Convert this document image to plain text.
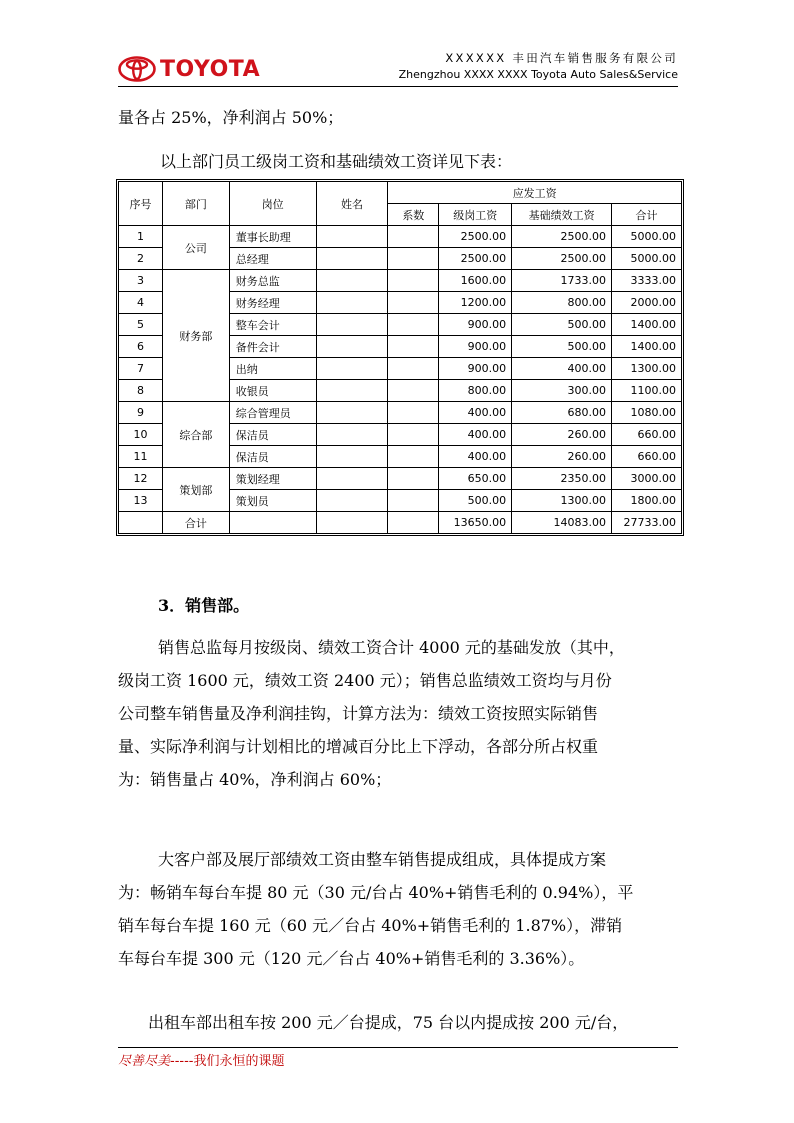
TOYOTA	XXXXXX 丰田汽车销售服务有限公司
Zhengzhou XXXX XXXX Toyota Auto Sales&Service
量各占 25%，净利润占 50%；
以上部门员工级岗工资和基础绩效工资详见下表：
序号	部门	岗位	姓名	应发工资			
				系数	级岗工资	基础绩效工资	合计
1	公司	董事长助理			2500.00	2500.00	5000.00
2		总经理			2500.00	2500.00	5000.00
3	财务部	财务总监			1600.00	1733.00	3333.00
4		财务经理			1200.00	800.00	2000.00
5		整车会计			900.00	500.00	1400.00
6		备件会计			900.00	500.00	1400.00
7		出纳			900.00	400.00	1300.00
8		收银员			800.00	300.00	1100.00
9	综合部	综合管理员			400.00	680.00	1080.00
10		保洁员			400.00	260.00	660.00
11		保洁员			400.00	260.00	660.00
12	策划部	策划经理			650.00	2350.00	3000.00
13		策划员			500.00	1300.00	1800.00
	合计				13650.00	14083.00	27733.00
3．销售部。
销售总监每月按级岗、绩效工资合计 4000 元的基础发放（其中，
级岗工资 1600 元，绩效工资 2400 元）；销售总监绩效工资均与月份
公司整车销售量及净利润挂钩，计算方法为：绩效工资按照实际销售
量、实际净利润与计划相比的增减百分比上下浮动，各部分所占权重
为：销售量占 40%，净利润占 60%；
大客户部及展厅部绩效工资由整车销售提成组成，具体提成方案
为：畅销车每台车提 80 元（30 元/台占 40%+销售毛利的 0.94%），平
销车每台车提 160 元（60 元／台占 40%+销售毛利的 1.87%），滞销
车每台车提 300 元（120 元／台占 40%+销售毛利的 3.36%）。
出租车部出租车按 200 元／台提成，75 台以内提成按 200 元/台，
尽善尽美-----我们永恒的课题
